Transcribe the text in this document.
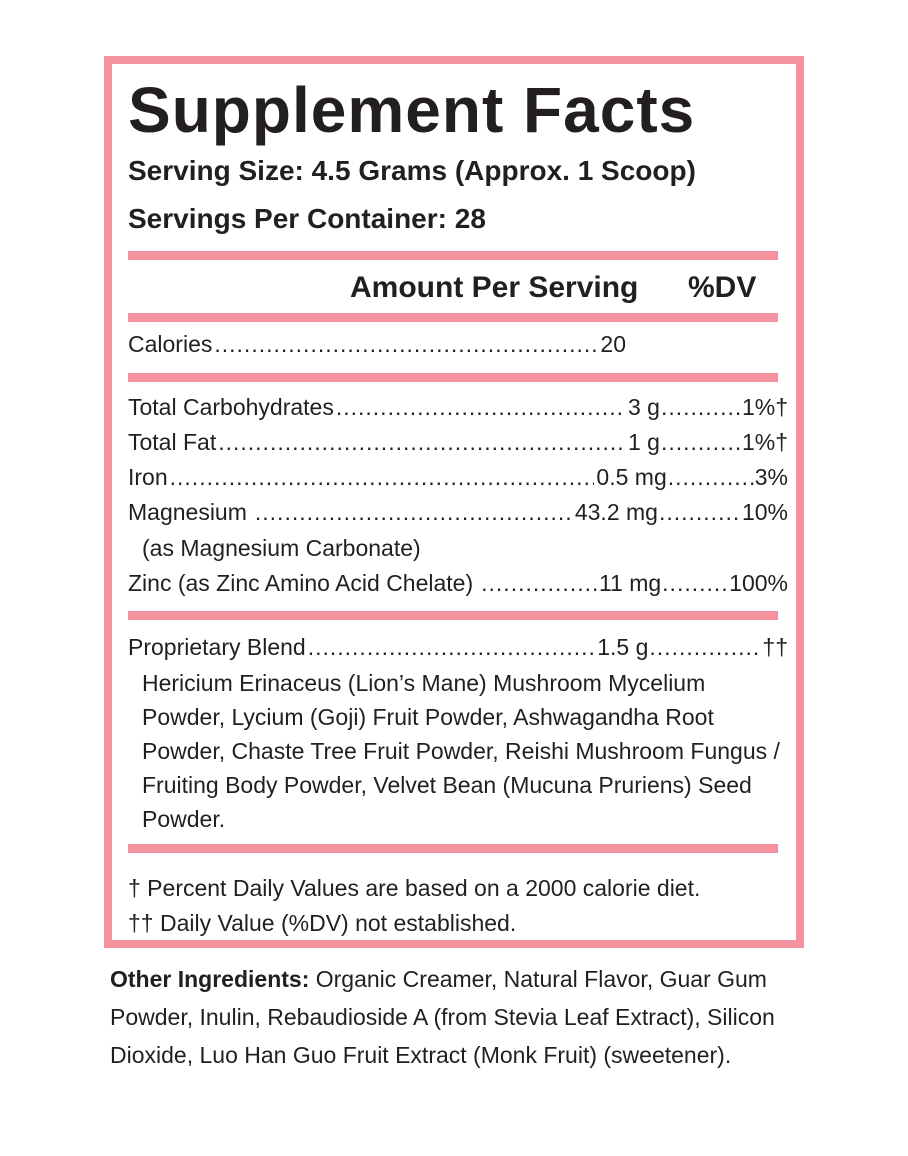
Supplement Facts
Serving Size: 4.5 Grams (Approx. 1 Scoop)
Servings Per Container: 28
Amount Per Serving %DV
Calories .....	20
Total Carbohydrates .....	3 g .....	1%†
Total Fat .....	1 g .....	1%†
Iron .....	0.5 mg .....	3%
Magnesium .....	43.2 mg .....	10%
(as Magnesium Carbonate)
Zinc (as Zinc Amino Acid Chelate) .....	11 mg .....	100%
Proprietary Blend .....	1.5 g .....	††
Hericium Erinaceus (Lion’s Mane) Mushroom Mycelium Powder, Lycium (Goji) Fruit Powder, Ashwagandha Root Powder, Chaste Tree Fruit Powder, Reishi Mushroom Fungus / Fruiting Body Powder, Velvet Bean (Mucuna Pruriens) Seed Powder.
† Percent Daily Values are based on a 2000 calorie diet.
†† Daily Value (%DV) not established.
Other Ingredients: Organic Creamer, Natural Flavor, Guar Gum Powder, Inulin, Rebaudioside A (from Stevia Leaf Extract), Silicon Dioxide, Luo Han Guo Fruit Extract (Monk Fruit) (sweetener).
